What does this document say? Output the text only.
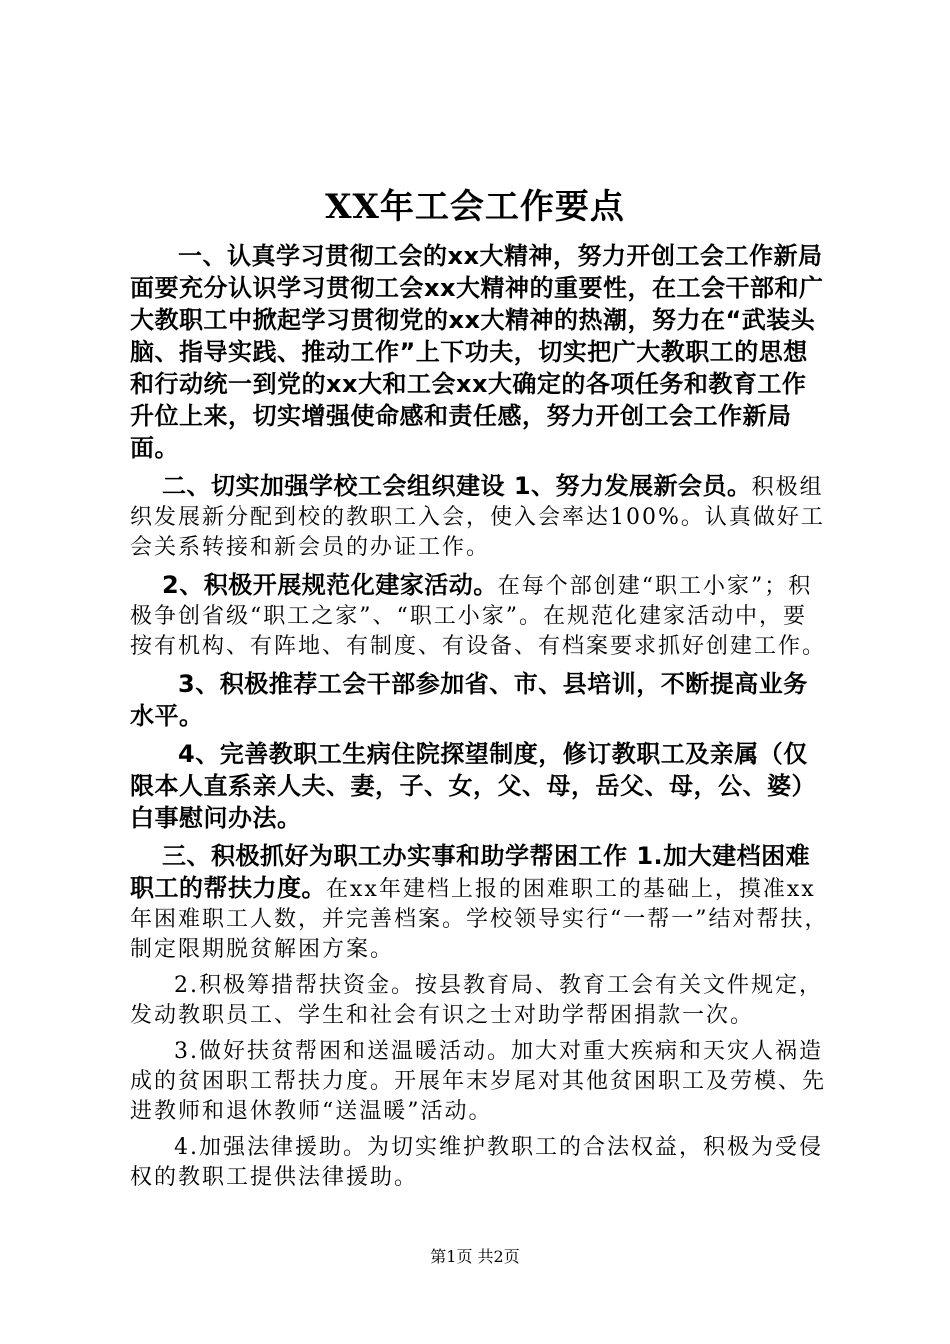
XX年工会工作要点

一、认真学习贯彻工会的xx大精神，努力开创工会工作新局面要充分认识学习贯彻工会xx大精神的重要性，在工会干部和广大教职工中掀起学习贯彻党的xx大精神的热潮，努力在“武装头脑、指导实践、推动工作”上下功夫，切实把广大教职工的思想和行动统一到党的xx大和工会xx大确定的各项任务和教育工作升位上来，切实增强使命感和责任感，努力开创工会工作新局面。

二、切实加强学校工会组织建设 1、努力发展新会员。积极组织发展新分配到校的教职工入会，使入会率达100%。认真做好工会关系转接和新会员的办证工作。

2、积极开展规范化建家活动。在每个部创建“职工小家”；积极争创省级“职工之家”、“职工小家”。在规范化建家活动中，要按有机构、有阵地、有制度、有设备、有档案要求抓好创建工作。

3、积极推荐工会干部参加省、市、县培训，不断提高业务水平。

4、完善教职工生病住院探望制度，修订教职工及亲属（仅限本人直系亲人夫、妻，子、女，父、母，岳父、母，公、婆）白事慰问办法。

三、积极抓好为职工办实事和助学帮困工作 1.加大建档困难职工的帮扶力度。在xx年建档上报的困难职工的基础上，摸准xx年困难职工人数，并完善档案。学校领导实行“一帮一”结对帮扶，制定限期脱贫解困方案。

2.积极筹措帮扶资金。按县教育局、教育工会有关文件规定，发动教职员工、学生和社会有识之士对助学帮困捐款一次。

3.做好扶贫帮困和送温暖活动。加大对重大疾病和天灾人祸造成的贫困职工帮扶力度。开展年末岁尾对其他贫困职工及劳模、先进教师和退休教师“送温暖”活动。

4.加强法律援助。为切实维护教职工的合法权益，积极为受侵权的教职工提供法律援助。

第1页 共2页
